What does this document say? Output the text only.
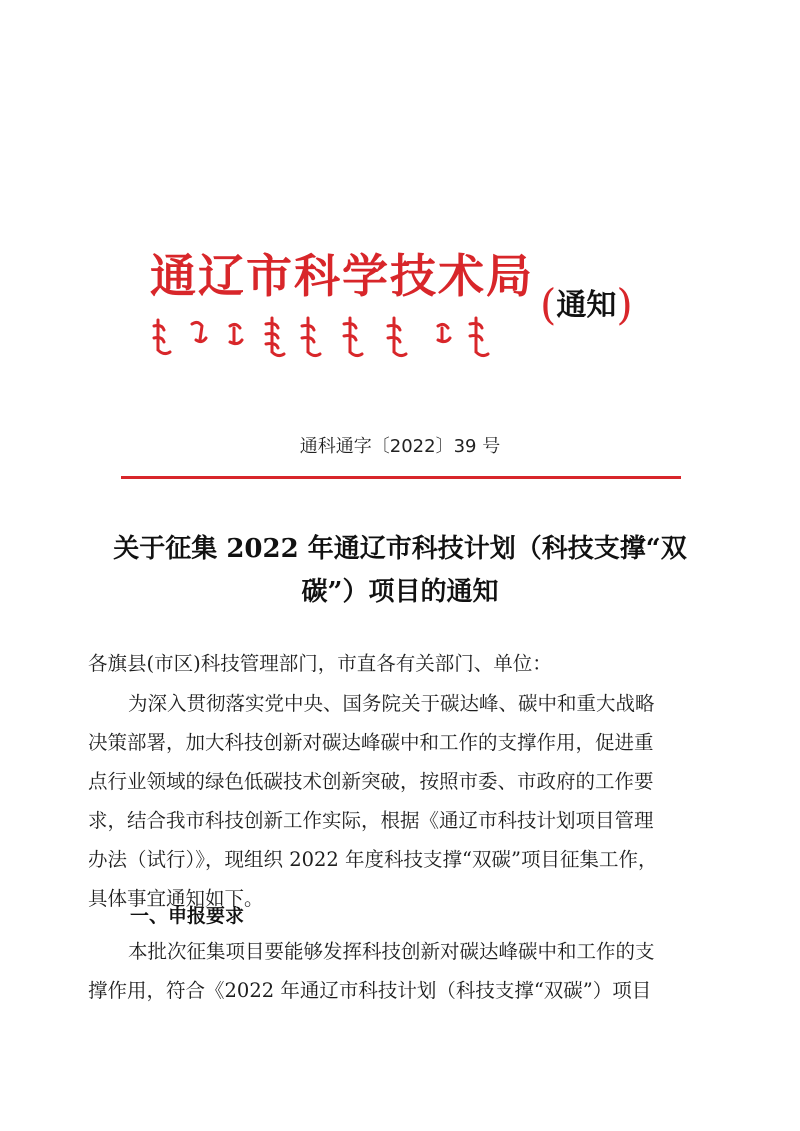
通辽市科学技术局
(通知)
通科通字〔2022〕39 号
关于征集 2022 年通辽市科技计划（科技支撑“双
碳”）项目的通知
各旗县(市区)科技管理部门，市直各有关部门、单位：
为深入贯彻落实党中央、国务院关于碳达峰、碳中和重大战略
决策部署，加大科技创新对碳达峰碳中和工作的支撑作用，促进重
点行业领域的绿色低碳技术创新突破，按照市委、市政府的工作要
求，结合我市科技创新工作实际，根据《通辽市科技计划项目管理
办法（试行）》，现组织 2022 年度科技支撑“双碳”项目征集工作，
具体事宜通知如下。
一、申报要求
本批次征集项目要能够发挥科技创新对碳达峰碳中和工作的支
撑作用，符合《2022 年通辽市科技计划（科技支撑“双碳”）项目
